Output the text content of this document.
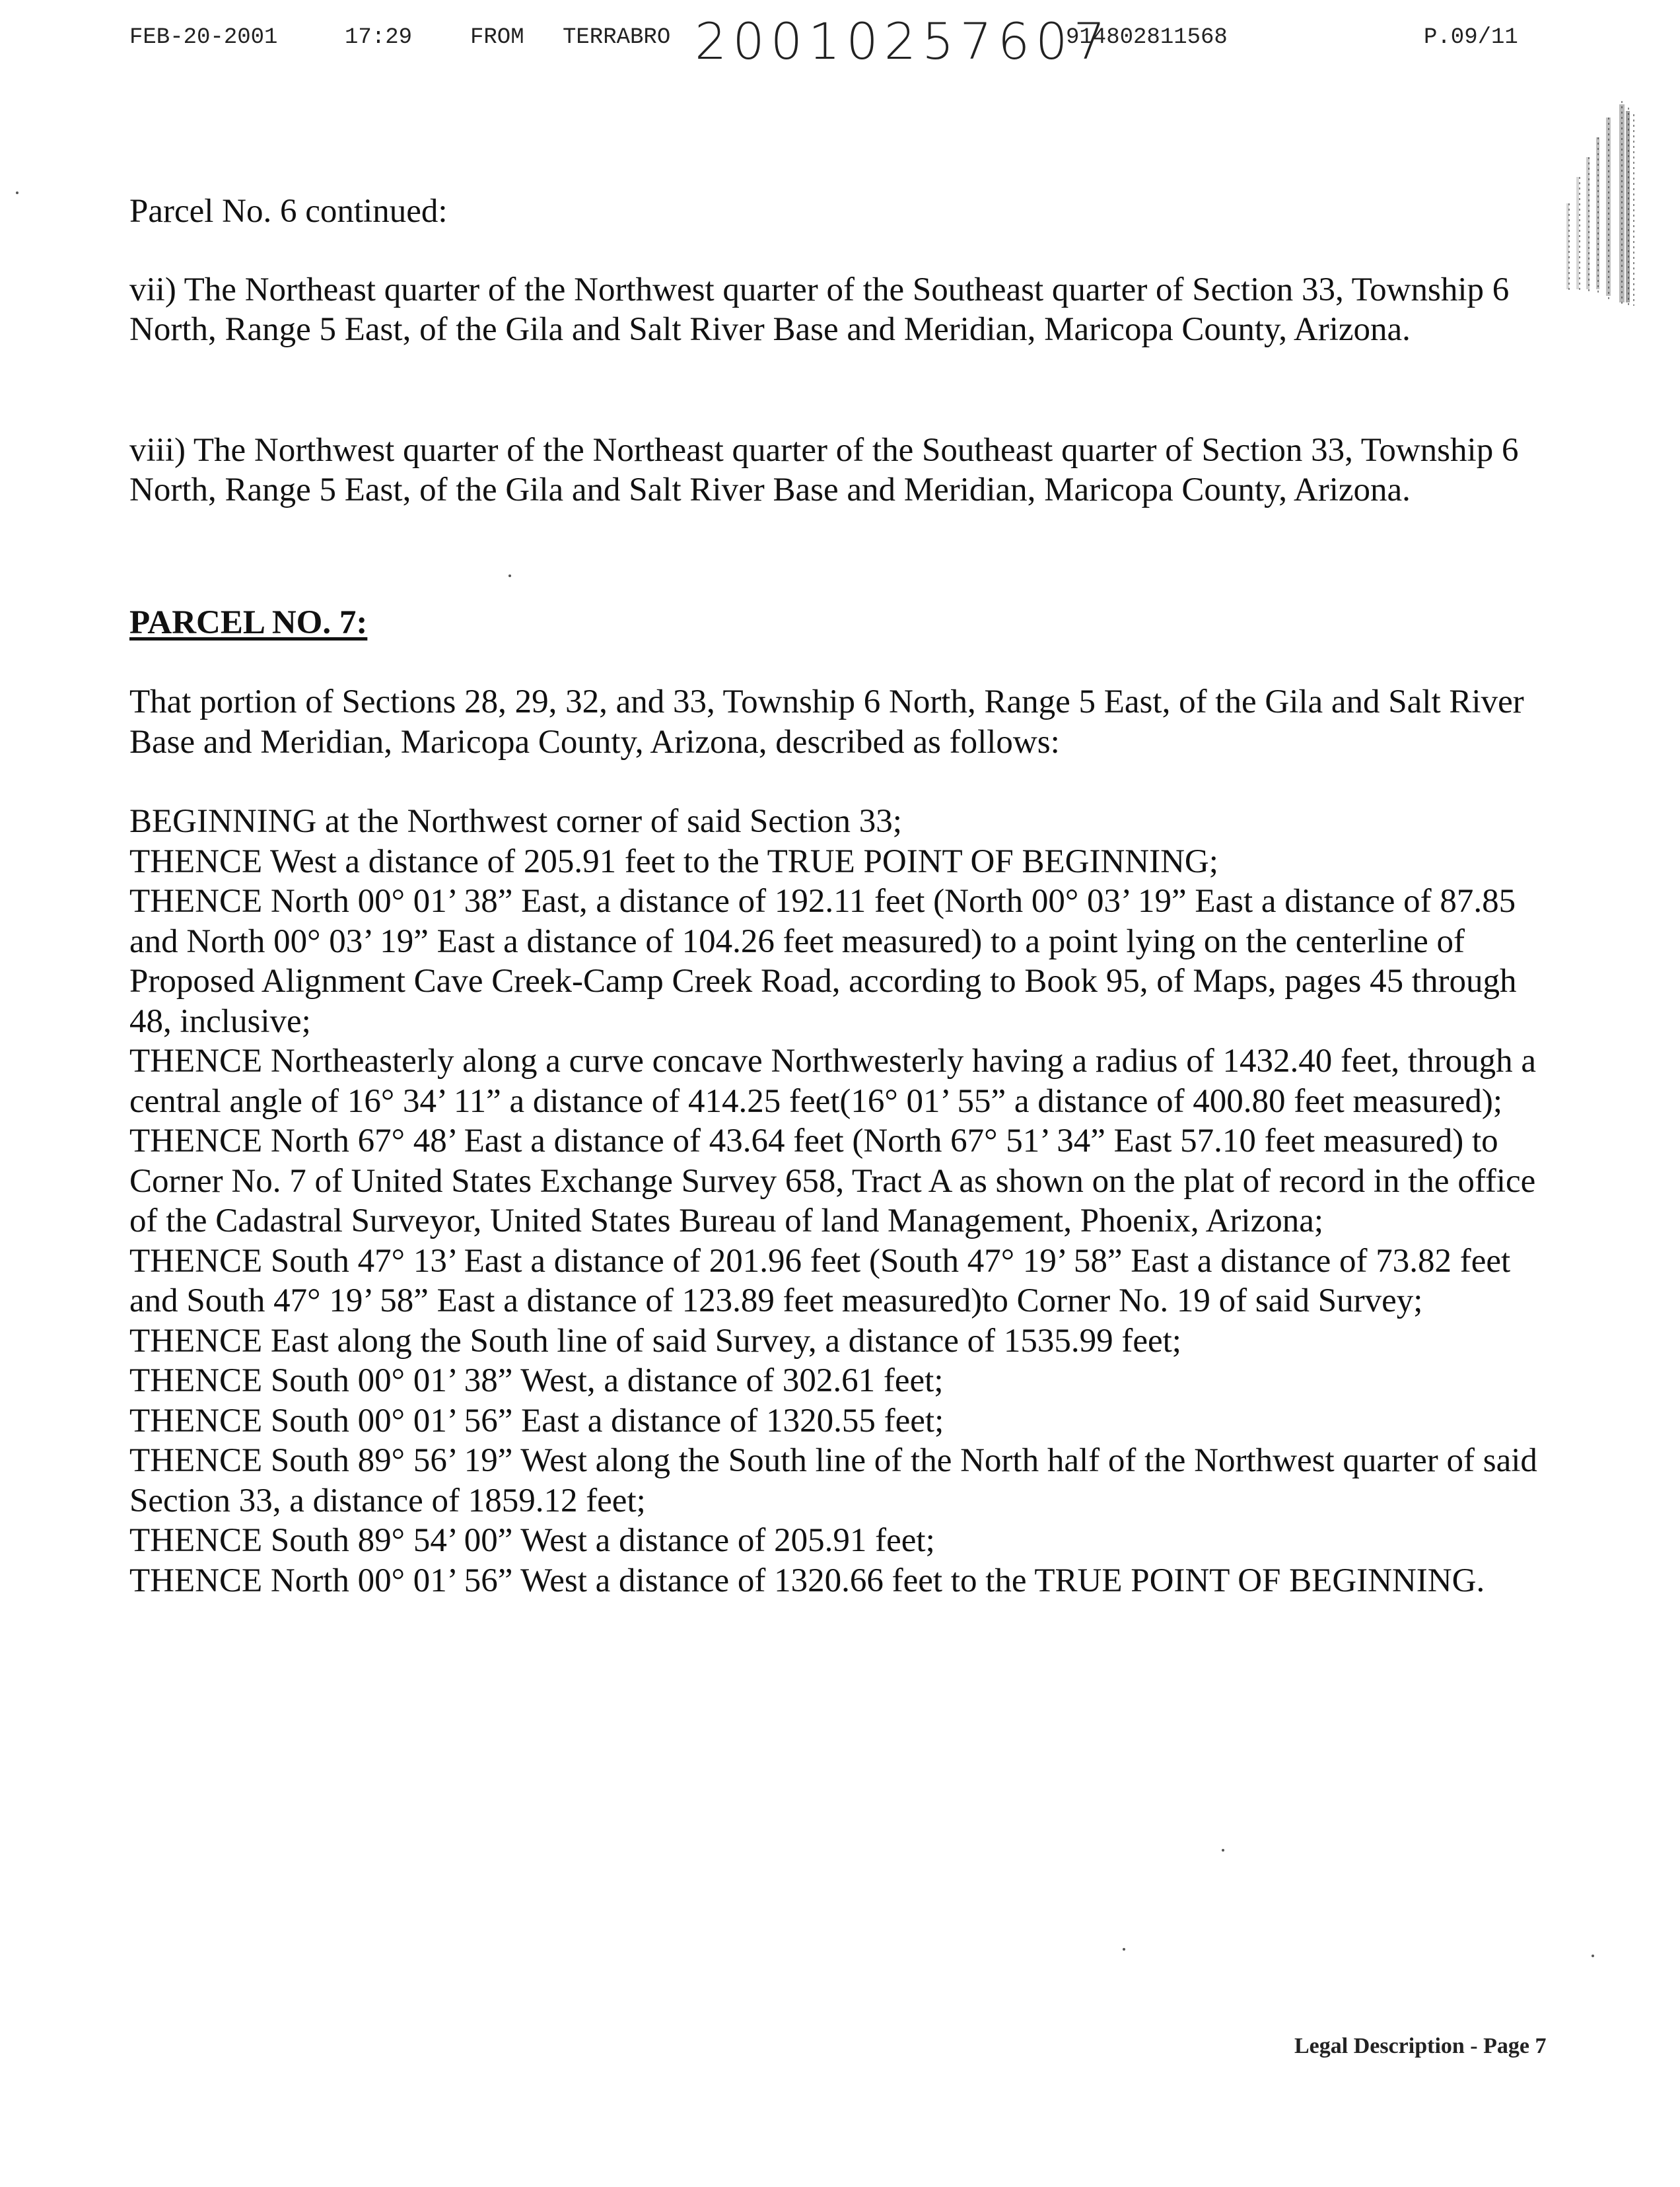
FEB-20-2001	17:29	FROM TERRABRO 20010257607
914802811568	P.09/11

Parcel No. 6 continued:

vii) The Northeast quarter of the Northwest quarter of the Southeast quarter of Section 33, Township 6 North, Range 5 East, of the Gila and Salt River Base and Meridian, Maricopa County, Arizona.

viii) The Northwest quarter of the Northeast quarter of the Southeast quarter of Section 33, Township 6 North, Range 5 East, of the Gila and Salt River Base and Meridian, Maricopa County, Arizona.

PARCEL NO. 7:

That portion of Sections 28, 29, 32, and 33, Township 6 North, Range 5 East, of the Gila and Salt River Base and Meridian, Maricopa County, Arizona, described as follows:

BEGINNING at the Northwest corner of said Section 33;

THENCE West a distance of 205.91 feet to the TRUE POINT OF BEGINNING;

THENCE North 00° 01’ 38” East, a distance of 192.11 feet (North 00° 03’ 19” East a distance of 87.85 and North 00° 03’ 19” East a distance of 104.26 feet measured) to a point lying on the centerline of Proposed Alignment Cave Creek-Camp Creek Road, according to Book 95, of Maps, pages 45 through 48, inclusive;

THENCE Northeasterly along a curve concave Northwesterly having a radius of 1432.40 feet, through a central angle of 16° 34’ 11” a distance of 414.25 feet(16° 01’ 55” a distance of 400.80 feet measured);

THENCE North 67° 48’ East a distance of 43.64 feet (North 67° 51’ 34” East 57.10 feet measured) to Corner No. 7 of United States Exchange Survey 658, Tract A as shown on the plat of record in the office of the Cadastral Surveyor, United States Bureau of land Management, Phoenix, Arizona;

THENCE South 47° 13’ East a distance of 201.96 feet (South 47° 19’ 58” East a distance of 73.82 feet and South 47° 19’ 58” East a distance of 123.89 feet measured)to Corner No. 19 of said Survey;

THENCE East along the South line of said Survey, a distance of 1535.99 feet;

THENCE South 00° 01’ 38” West, a distance of 302.61 feet;

THENCE South 00° 01’ 56” East a distance of 1320.55 feet;

THENCE South 89° 56’ 19” West along the South line of the North half of the Northwest quarter of said Section 33, a distance of 1859.12 feet;

THENCE South 89° 54’ 00” West a distance of 205.91 feet;

THENCE North 00° 01’ 56” West a distance of 1320.66 feet to the TRUE POINT OF BEGINNING.

Legal Description - Page 7
